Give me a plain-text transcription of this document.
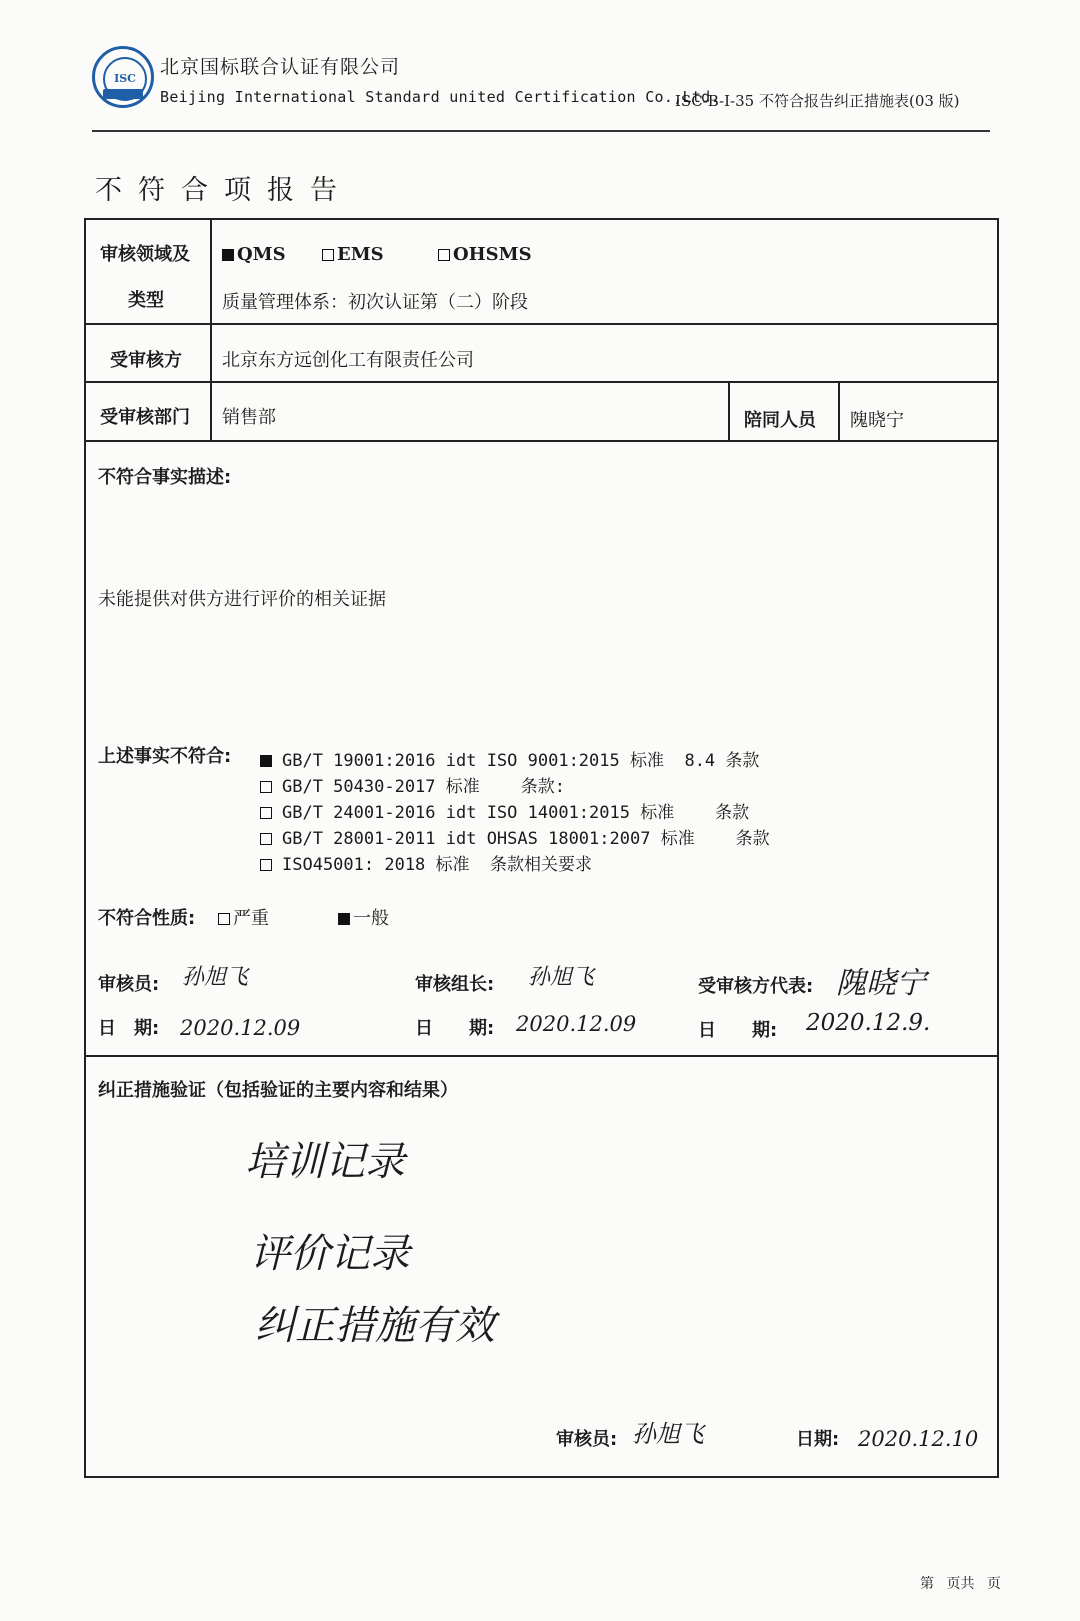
ISC
北京国标联合认证有限公司
Beijing International Standard united Certification Co.,Ltd.
ISC-B-I-35 不符合报告纠正措施表(03 版)
不符合项报告
审核领域及
类型
QMS	EMS	OHSMS
质量管理体系：初次认证第（二）阶段
受审核方 北京东方远创化工有限责任公司
受审核部门 销售部	陪同人员 隗晓宁
不符合事实描述:
未能提供对供方进行评价的相关证据
上述事实不符合:	GB/T 19001:2016 idt ISO 9001:2015 标准  8.4 条款
GB/T 50430-2017 标准    条款:
GB/T 24001-2016 idt ISO 14001:2015 标准    条款
GB/T 28001-2011 idt OHSAS 18001:2007 标准    条款
ISO45001: 2018 标准  条款相关要求
不符合性质:	严重	一般
审核员: 孙旭飞	审核组长: 孙旭飞	受审核方代表: 隗晓宁
日　期: 2020.12.09	日　　期: 2020.12.09	日　　期: 2020.12.9.
纠正措施验证（包括验证的主要内容和结果）
培训记录
评价记录
纠正措施有效
审核员: 孙旭飞	日期: 2020.12.10
第 页共 页
